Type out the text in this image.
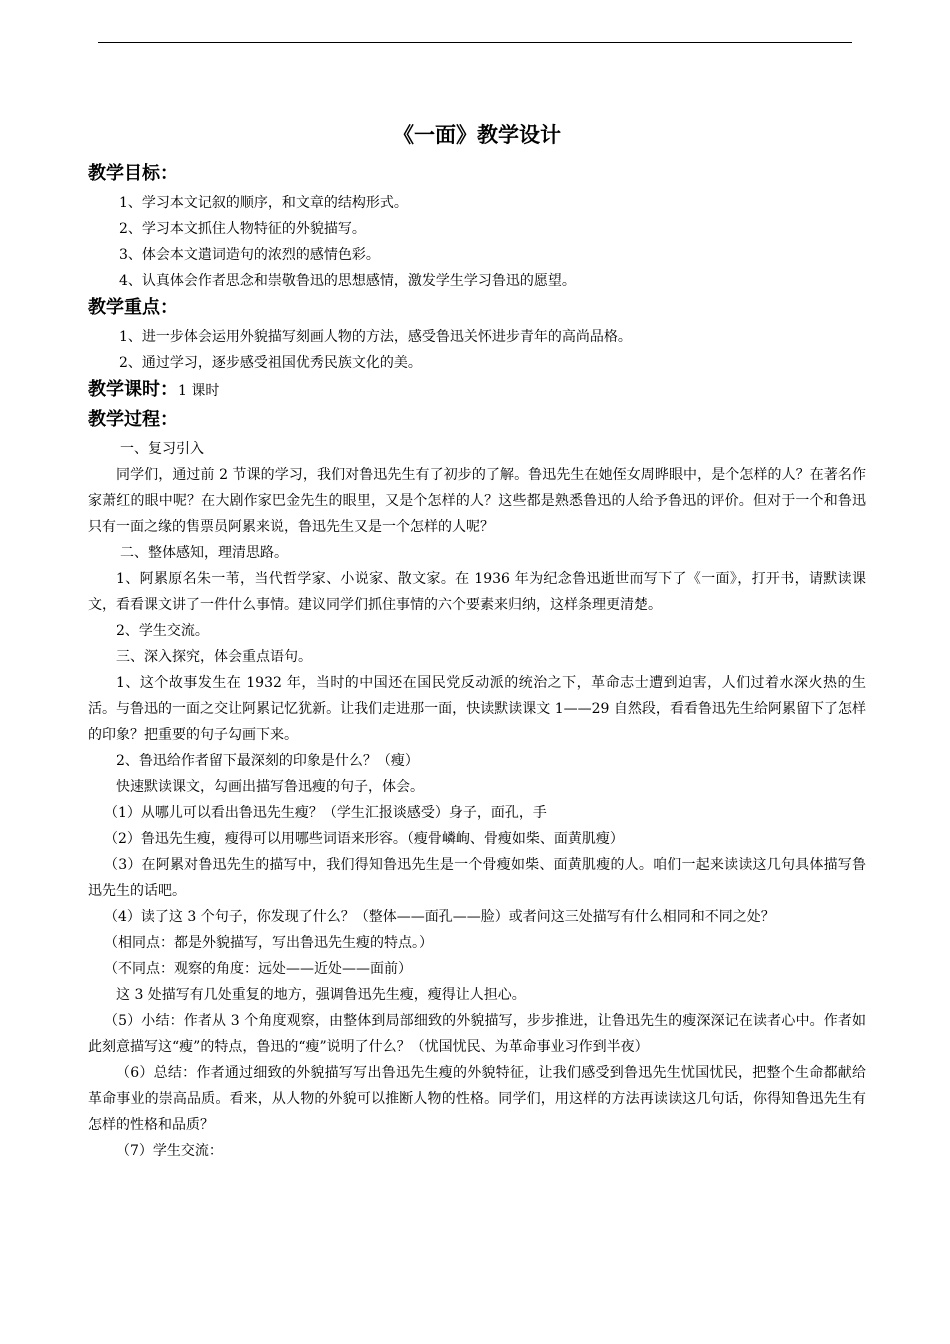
《一面》教学设计
教学目标：

1、学习本文记叙的顺序，和文章的结构形式。

2、学习本文抓住人物特征的外貌描写。

3、体会本文遣词造句的浓烈的感情色彩。

4、认真体会作者思念和崇敬鲁迅的思想感情，激发学生学习鲁迅的愿望。

教学重点：

1、进一步体会运用外貌描写刻画人物的方法，感受鲁迅关怀进步青年的高尚品格。

2、通过学习，逐步感受祖国优秀民族文化的美。

教学课时：1 课时
教学过程：

一、复习引入

同学们，通过前 2 节课的学习，我们对鲁迅先生有了初步的了解。鲁迅先生在她侄女周晔眼中，是个怎样的人？在著名作家萧红的眼中呢？在大剧作家巴金先生的眼里，又是个怎样的人？这些都是熟悉鲁迅的人给予鲁迅的评价。但对于一个和鲁迅只有一面之缘的售票员阿累来说，鲁迅先生又是一个怎样的人呢？

二、整体感知，理清思路。

1、阿累原名朱一苇，当代哲学家、小说家、散文家。在 1936 年为纪念鲁迅逝世而写下了《一面》，打开书，请默读课文，看看课文讲了一件什么事情。建议同学们抓住事情的六个要素来归纳，这样条理更清楚。

2、学生交流。

三、深入探究，体会重点语句。

1、这个故事发生在 1932 年，当时的中国还在国民党反动派的统治之下，革命志士遭到迫害，人们过着水深火热的生活。与鲁迅的一面之交让阿累记忆犹新。让我们走进那一面，快读默读课文 1——29 自然段，看看鲁迅先生给阿累留下了怎样的印象？把重要的句子勾画下来。

2、鲁迅给作者留下最深刻的印象是什么？（瘦）

快速默读课文，勾画出描写鲁迅瘦的句子，体会。

（1）从哪儿可以看出鲁迅先生瘦？（学生汇报谈感受）身子，面孔，手

（2）鲁迅先生瘦，瘦得可以用哪些词语来形容。（瘦骨嶙峋、骨瘦如柴、面黄肌瘦）

（3）在阿累对鲁迅先生的描写中，我们得知鲁迅先生是一个骨瘦如柴、面黄肌瘦的人。咱们一起来读读这几句具体描写鲁迅先生的话吧。

（4）读了这 3 个句子，你发现了什么？（整体——面孔——脸）或者问这三处描写有什么相同和不同之处？

（相同点：都是外貌描写，写出鲁迅先生瘦的特点。）

（不同点：观察的角度：远处——近处——面前）

这 3 处描写有几处重复的地方，强调鲁迅先生瘦，瘦得让人担心。

（5）小结：作者从 3 个角度观察，由整体到局部细致的外貌描写，步步推进，让鲁迅先生的瘦深深记在读者心中。作者如此刻意描写这“瘦”的特点，鲁迅的“瘦”说明了什么？（忧国忧民、为革命事业习作到半夜）

（6）总结：作者通过细致的外貌描写写出鲁迅先生瘦的外貌特征，让我们感受到鲁迅先生忧国忧民，把整个生命都献给革命事业的崇高品质。看来，从人物的外貌可以推断人物的性格。同学们，用这样的方法再读读这几句话，你得知鲁迅先生有怎样的性格和品质？

（7）学生交流：
